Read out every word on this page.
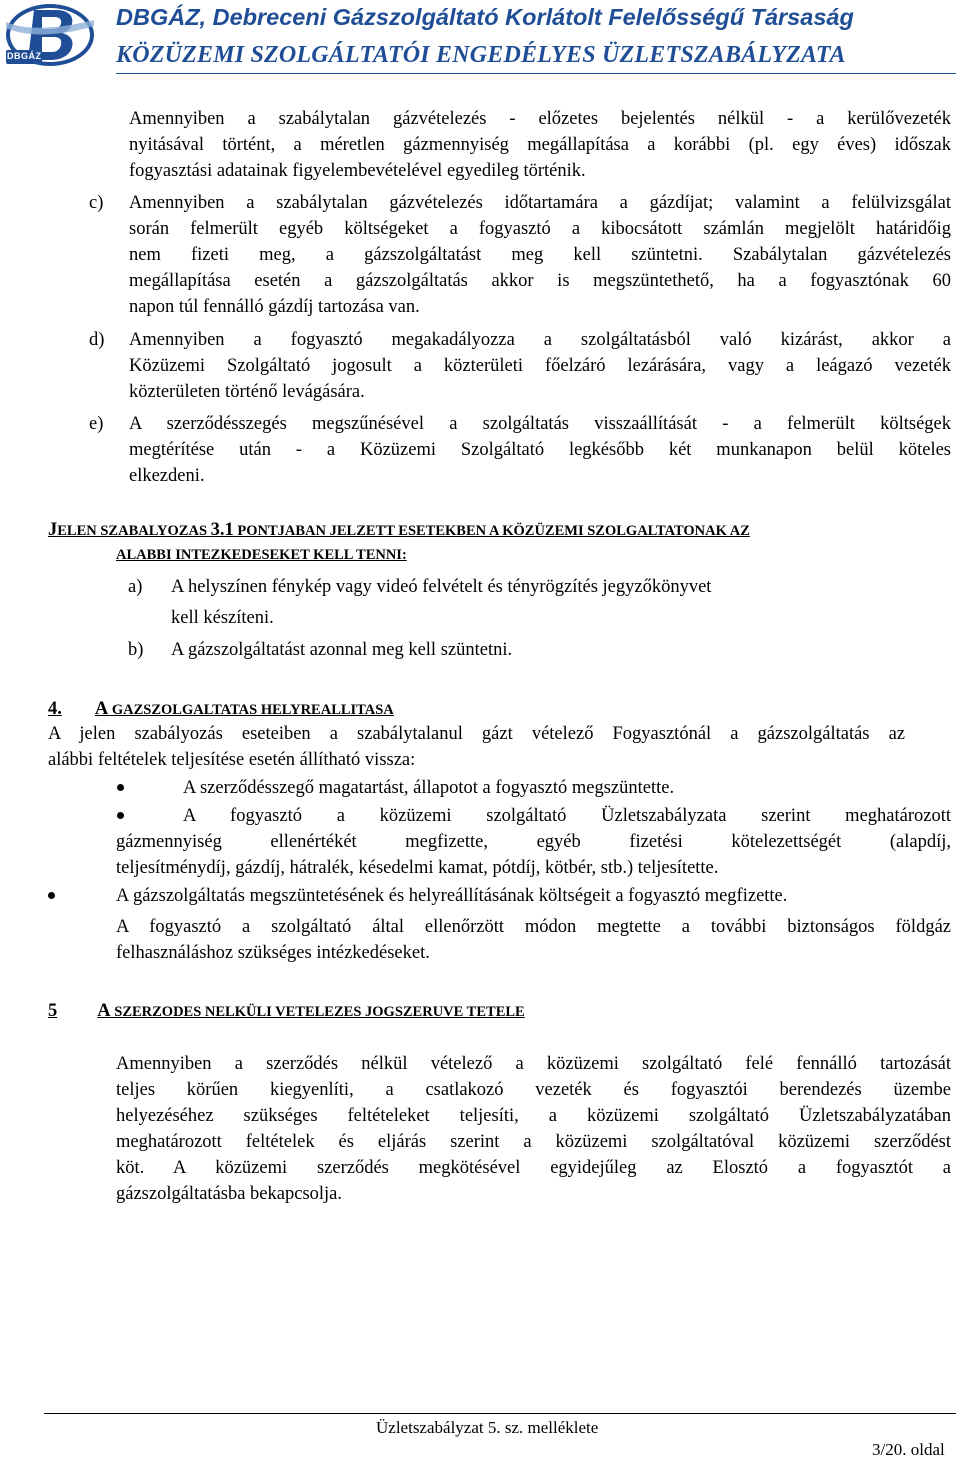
DBGÁZ
DBGÁZ, Debreceni Gázszolgáltató Korlátolt Felelősségű Társaság
KÖZÜZEMI SZOLGÁLTATÓI ENGEDÉLYES ÜZLETSZABÁLYZATA
Amennyiben a szabálytalan gázvételezés - előzetes bejelentés nélkül - a kerülővezeték
nyitásával történt, a méretlen gázmennyiség megállapítása a korábbi (pl. egy éves) időszak
fogyasztási adatainak figyelembevételével egyedileg történik.
c) Amennyiben a szabálytalan gázvételezés időtartamára a gázdíjat; valamint a felülvizsgálat
során felmerült egyéb költségeket a fogyasztó a kibocsátott számlán megjelölt határidőig
nem fizeti meg, a gázszolgáltatást meg kell szüntetni. Szabálytalan gázvételezés
megállapítása esetén a gázszolgáltatás akkor is megszüntethető, ha a fogyasztónak 60
napon túl fennálló gázdíj tartozása van.
d) Amennyiben a fogyasztó megakadályozza a szolgáltatásból való kizárást, akkor a
Közüzemi Szolgáltató jogosult a közterületi főelzáró lezárására, vagy a leágazó vezeték
közterületen történő levágására.
e) A szerződésszegés megszűnésével a szolgáltatás visszaállítását - a felmerült költségek
megtérítése után - a Közüzemi Szolgáltató legkésőbb két munkanapon belül köteles
elkezdeni.
JELEN SZABALYOZAS 3.1 PONTJABAN JELZETT ESETEKBEN A KÖZÜZEMI SZOLGALTATONAK AZ
ALABBI INTEZKEDESEKET KELL TENNI:
a) A helyszínen fénykép vagy videó felvételt és tényrögzítés jegyzőkönyvet
kell készíteni.
b) A gázszolgáltatást azonnal meg kell szüntetni.
4. A GAZSZOLGALTATAS HELYREALLITASA
A jelen szabályozás eseteiben a szabálytalanul gázt vételező Fogyasztónál a gázszolgáltatás az
alábbi feltételek teljesítése esetén állítható vissza:
A szerződésszegő magatartást, állapotot a fogyasztó megszüntette.
A fogyasztó a közüzemi szolgáltató Üzletszabályzata szerint meghatározott
gázmennyiség ellenértékét megfizette, egyéb fizetési kötelezettségét (alapdíj,
teljesítménydíj, gázdíj, hátralék, késedelmi kamat, pótdíj, kötbér, stb.) teljesítette.
A gázszolgáltatás megszüntetésének és helyreállításának költségeit a fogyasztó megfizette.
A fogyasztó a szolgáltató által ellenőrzött módon megtette a további biztonságos földgáz
felhasználáshoz szükséges intézkedéseket.
5 A SZERZODES NELKÜLI VETELEZES JOGSZERUVE TETELE
Amennyiben a szerződés nélkül vételező a közüzemi szolgáltató felé fennálló tartozását
teljes körűen kiegyenlíti, a csatlakozó vezeték és fogyasztói berendezés üzembe
helyezéséhez szükséges feltételeket teljesíti, a közüzemi szolgáltató Üzletszabályzatában
meghatározott feltételek és eljárás szerint a közüzemi szolgáltatóval közüzemi szerződést
köt. A közüzemi szerződés megkötésével egyidejűleg az Elosztó a fogyasztót a
gázszolgáltatásba bekapcsolja.
Üzletszabályzat 5. sz. melléklete
3/20. oldal
